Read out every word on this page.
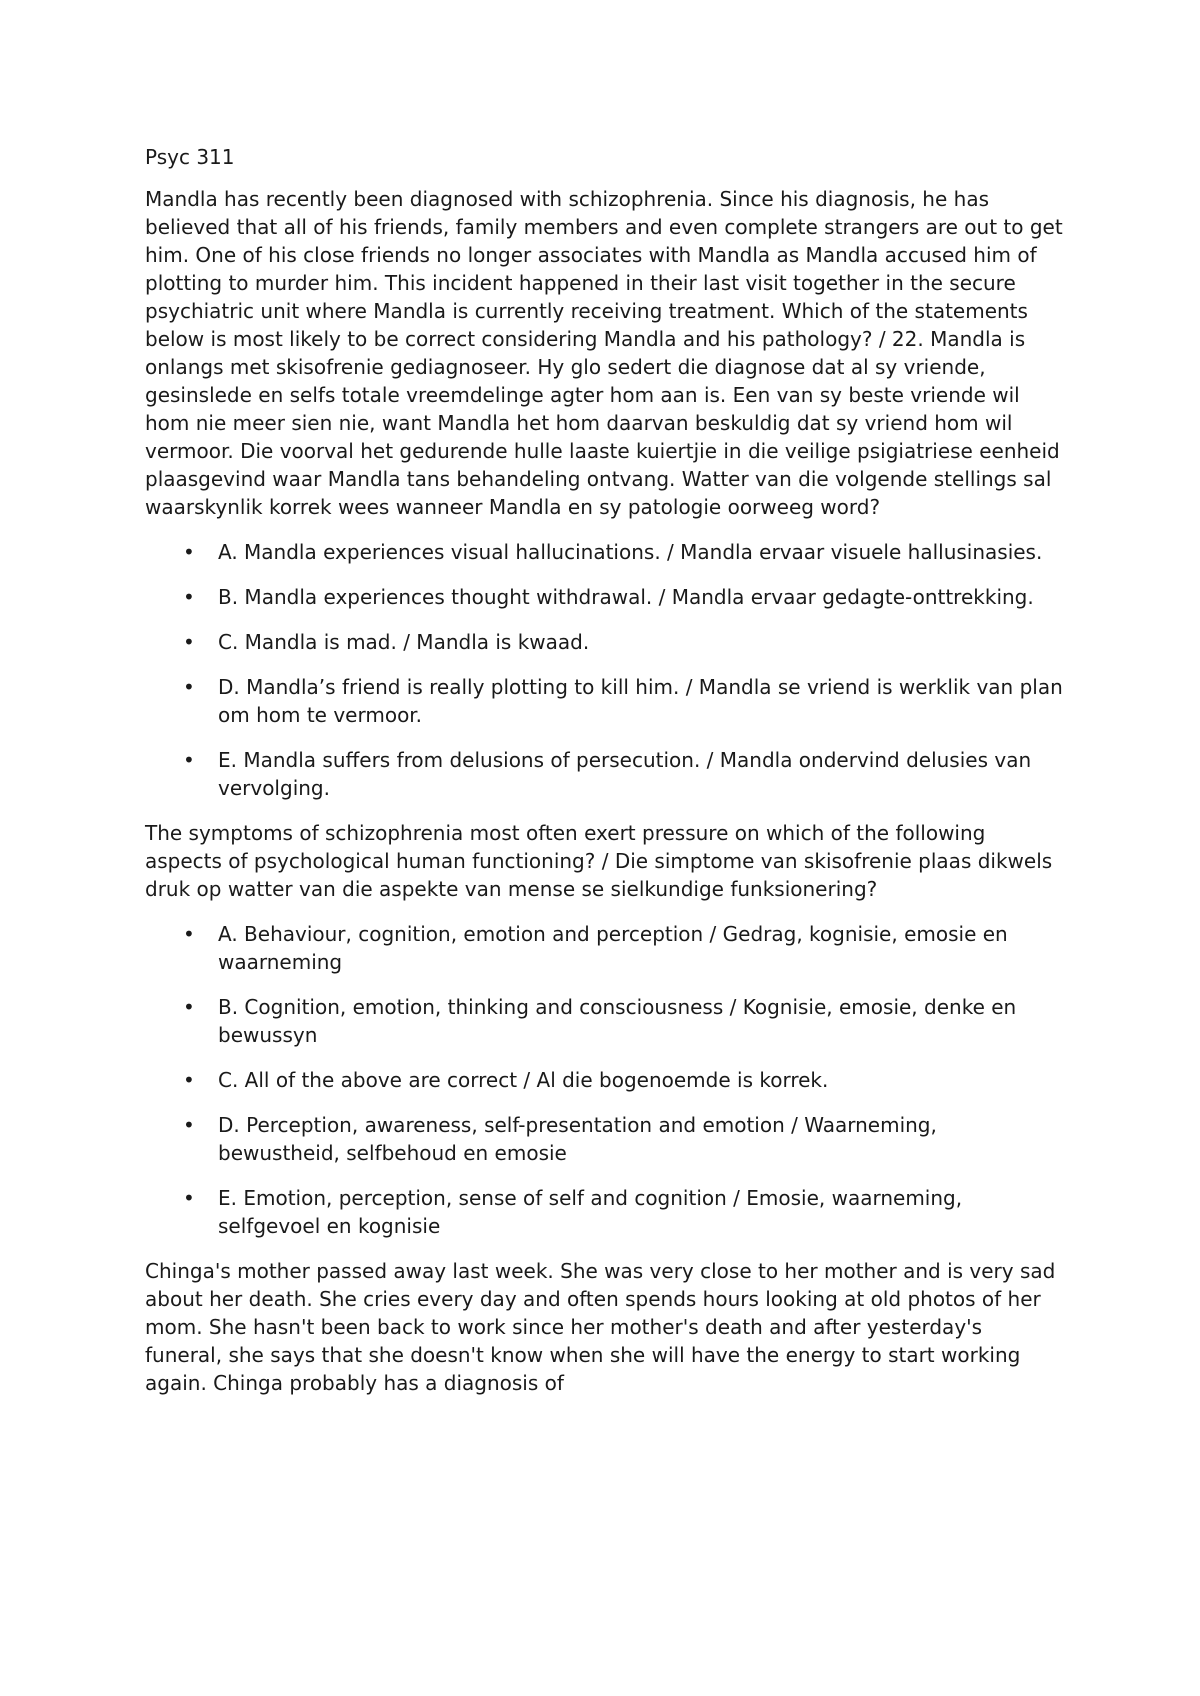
Psyc 311

Mandla has recently been diagnosed with schizophrenia. Since his diagnosis, he has believed that all of his friends, family members and even complete strangers are out to get him. One of his close friends no longer associates with Mandla as Mandla accused him of plotting to murder him. This incident happened in their last visit together in the secure psychiatric unit where Mandla is currently receiving treatment. Which of the statements below is most likely to be correct considering Mandla and his pathology? / 22. Mandla is onlangs met skisofrenie gediagnoseer. Hy glo sedert die diagnose dat al sy vriende, gesinslede en selfs totale vreemdelinge agter hom aan is. Een van sy beste vriende wil hom nie meer sien nie, want Mandla het hom daarvan beskuldig dat sy vriend hom wil vermoor. Die voorval het gedurende hulle laaste kuiertjie in die veilige psigiatriese eenheid plaasgevind waar Mandla tans behandeling ontvang. Watter van die volgende stellings sal waarskynlik korrek wees wanneer Mandla en sy patologie oorweeg word?

• A. Mandla experiences visual hallucinations. / Mandla ervaar visuele hallusinasies.
• B. Mandla experiences thought withdrawal. / Mandla ervaar gedagte-onttrekking.
• C. Mandla is mad. / Mandla is kwaad.
• D. Mandla’s friend is really plotting to kill him. / Mandla se vriend is werklik van plan om hom te vermoor.
• E. Mandla suffers from delusions of persecution. / Mandla ondervind delusies van vervolging.

The symptoms of schizophrenia most often exert pressure on which of the following aspects of psychological human functioning? / Die simptome van skisofrenie plaas dikwels druk op watter van die aspekte van mense se sielkundige funksionering?

• A. Behaviour, cognition, emotion and perception / Gedrag, kognisie, emosie en waarneming
• B. Cognition, emotion, thinking and consciousness / Kognisie, emosie, denke en bewussyn
• C. All of the above are correct / Al die bogenoemde is korrek.
• D. Perception, awareness, self-presentation and emotion / Waarneming, bewustheid, selfbehoud en emosie
• E. Emotion, perception, sense of self and cognition / Emosie, waarneming, selfgevoel en kognisie

Chinga's mother passed away last week. She was very close to her mother and is very sad about her death. She cries every day and often spends hours looking at old photos of her mom. She hasn't been back to work since her mother's death and after yesterday's funeral, she says that she doesn't know when she will have the energy to start working again. Chinga probably has a diagnosis of
